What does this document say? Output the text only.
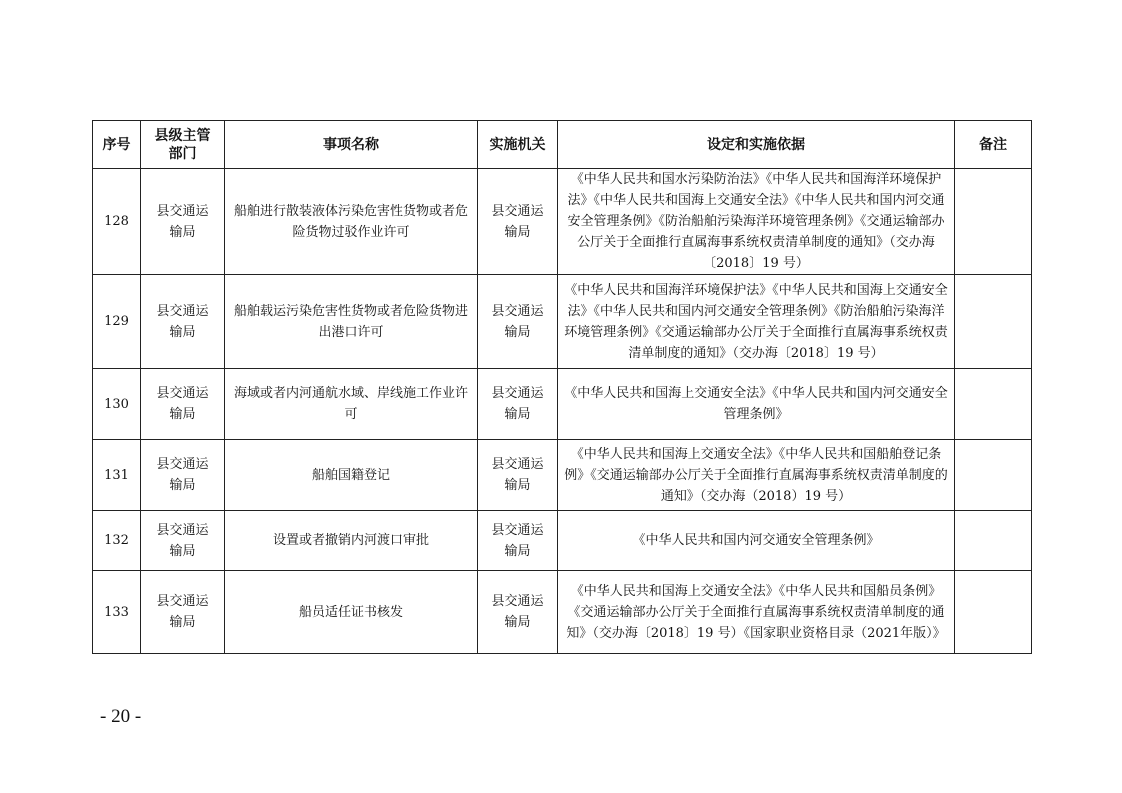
序号	县级主管部门	事项名称	实施机关	设定和实施依据	备注
128	县交通运输局	船舶进行散装液体污染危害性货物或者危险货物过驳作业许可	县交通运输局	《中华人民共和国水污染防治法》《中华人民共和国海洋环境保护法》《中华人民共和国海上交通安全法》《中华人民共和国内河交通安全管理条例》《防治船舶污染海洋环境管理条例》《交通运输部办公厅关于全面推行直属海事系统权责清单制度的通知》（交办海〔2018〕19 号）	
129	县交通运输局	船舶载运污染危害性货物或者危险货物进出港口许可	县交通运输局	《中华人民共和国海洋环境保护法》《中华人民共和国海上交通安全法》《中华人民共和国内河交通安全管理条例》《防治船舶污染海洋环境管理条例》《交通运输部办公厅关于全面推行直属海事系统权责清单制度的通知》（交办海〔2018〕19 号）	
130	县交通运输局	海域或者内河通航水域、岸线施工作业许可	县交通运输局	《中华人民共和国海上交通安全法》《中华人民共和国内河交通安全管理条例》	
131	县交通运输局	船舶国籍登记	县交通运输局	《中华人民共和国海上交通安全法》《中华人民共和国船舶登记条例》《交通运输部办公厅关于全面推行直属海事系统权责清单制度的通知》（交办海（2018）19 号）	
132	县交通运输局	设置或者撤销内河渡口审批	县交通运输局	《中华人民共和国内河交通安全管理条例》	
133	县交通运输局	船员适任证书核发	县交通运输局	《中华人民共和国海上交通安全法》《中华人民共和国船员条例》《交通运输部办公厅关于全面推行直属海事系统权责清单制度的通知》（交办海〔2018〕19 号）《国家职业资格目录（2021年版）》	
- 20 -
